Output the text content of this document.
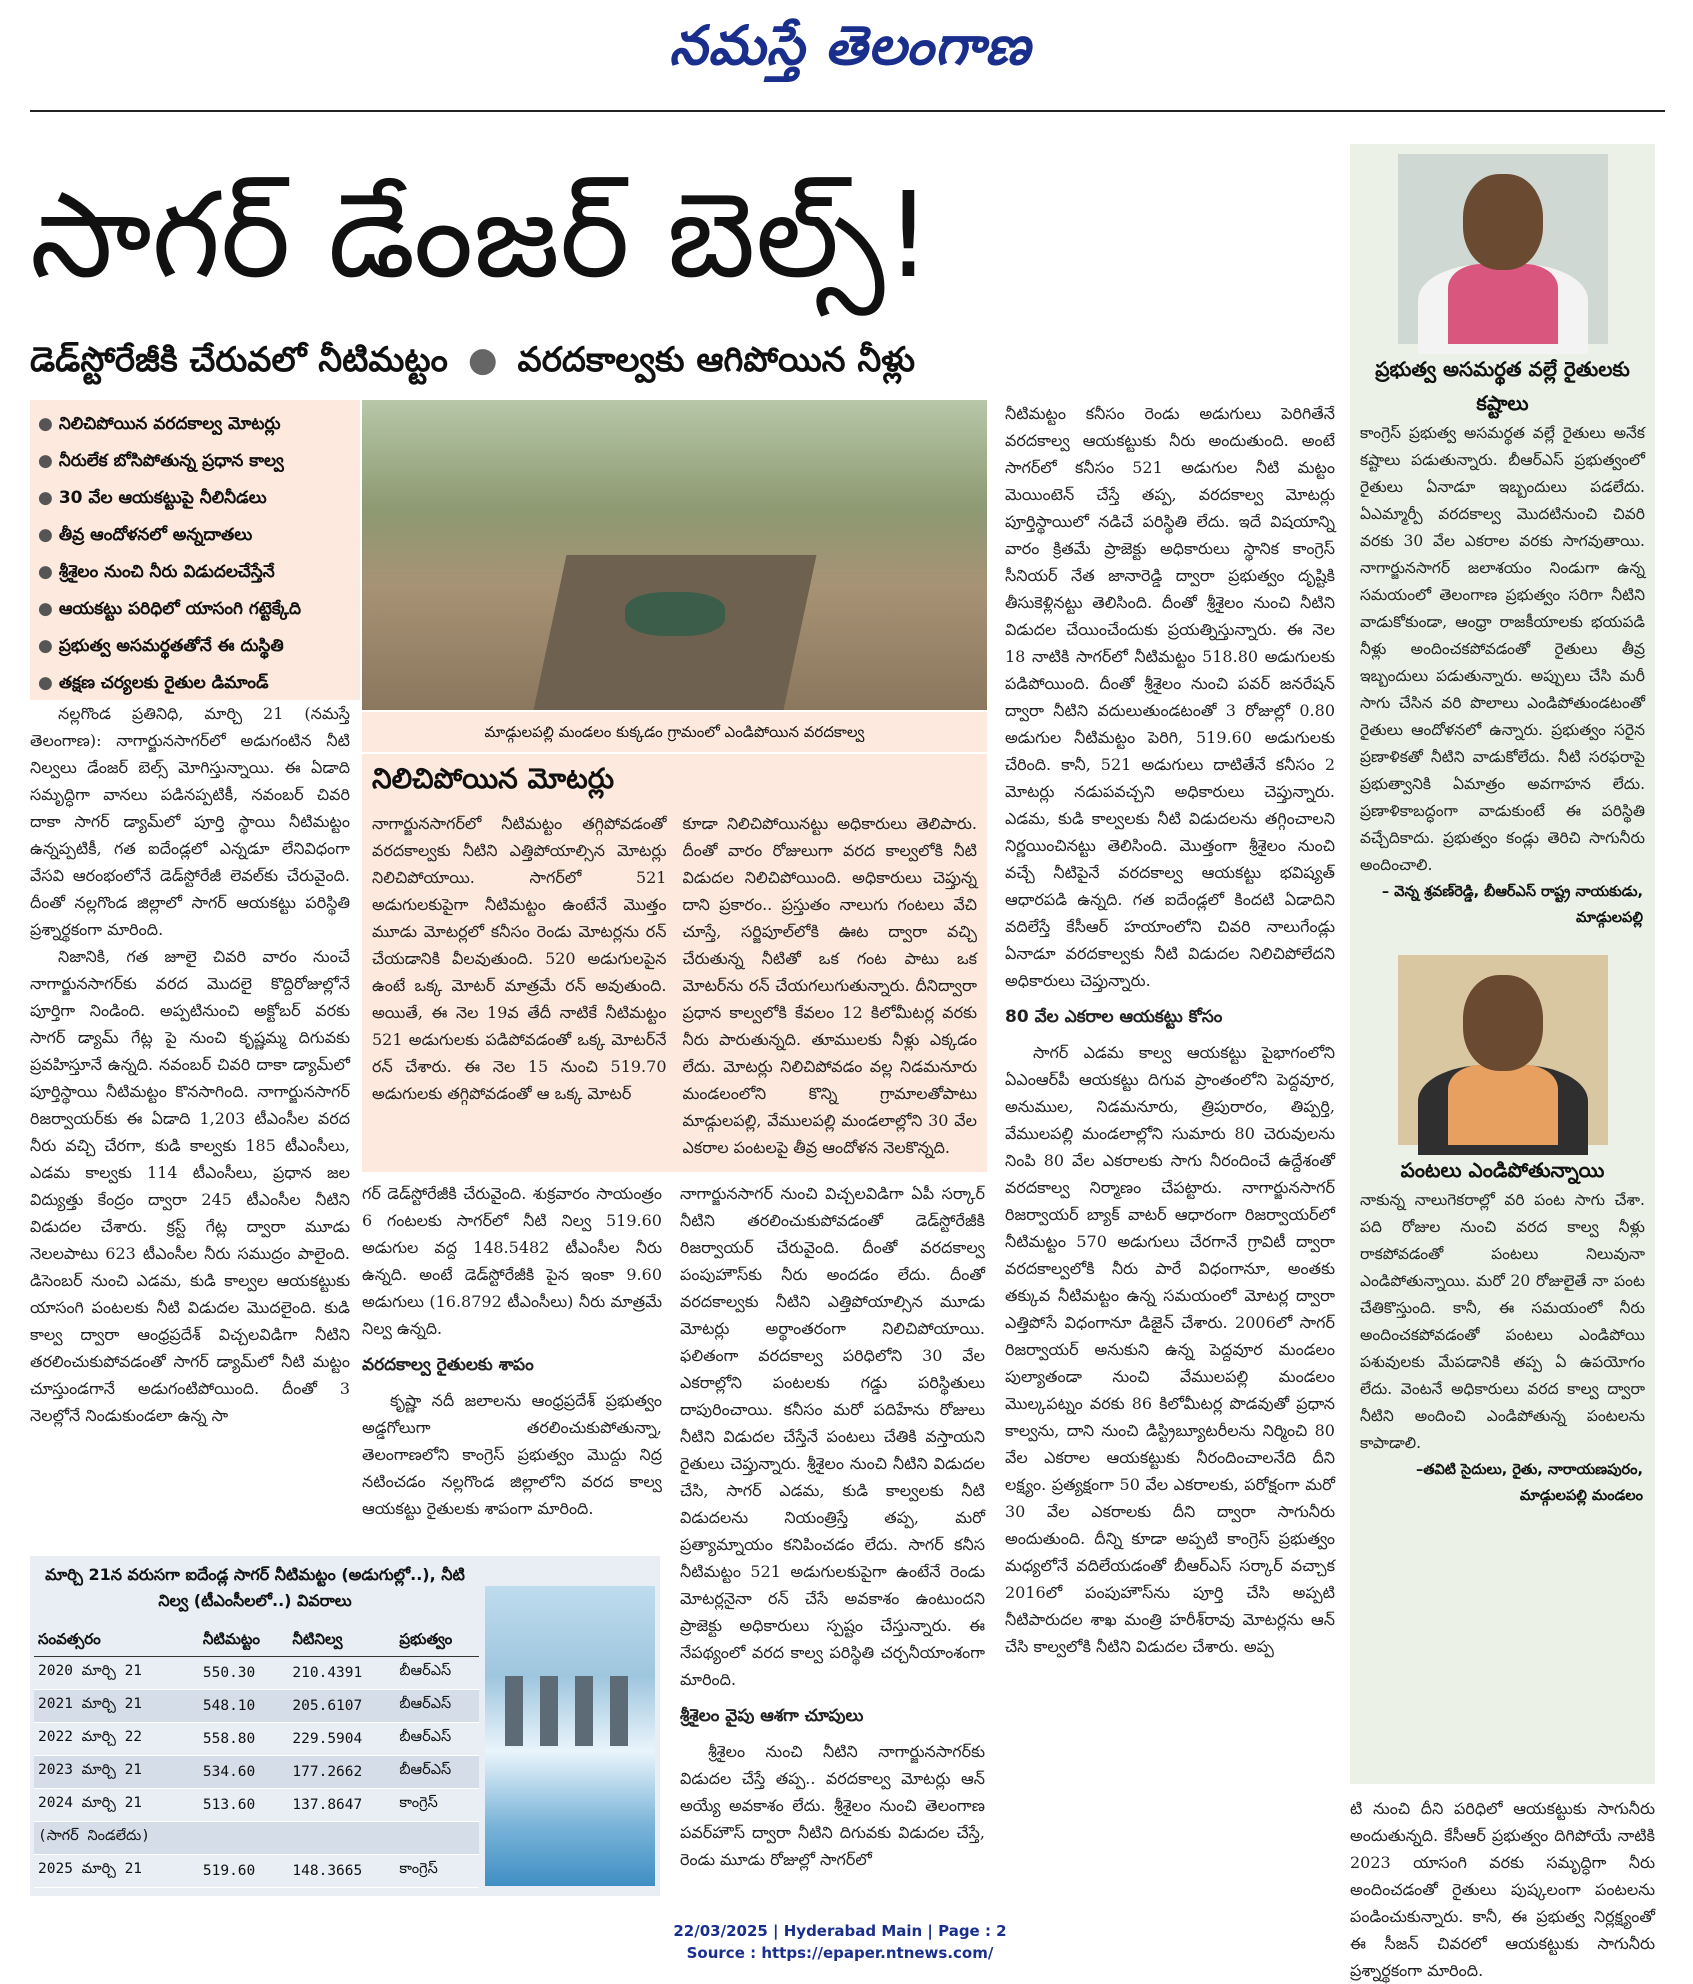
నమస్తే తెలంగాణ
సాగర్ డేంజర్ బెల్స్!
డెడ్‌స్టోరేజీకి చేరువలో నీటిమట్టం ● వరదకాల్వకు ఆగిపోయిన నీళ్లు
● నిలిచిపోయిన వరదకాల్వ మోటర్లు
● నీరులేక బోసిపోతున్న ప్రధాన కాల్వ
● 30 వేల ఆయకట్టుపై నీలినీడలు
● తీవ్ర ఆందోళనలో అన్నదాతలు
● శ్రీశైలం నుంచి నీరు విడుదలచేస్తేనే
● ఆయకట్టు పరిధిలో యాసంగి గట్టెక్కేది
● ప్రభుత్వ అసమర్థతతోనే ఈ దుస్థితి
● తక్షణ చర్యలకు రైతుల డిమాండ్
మాడ్గులపల్లి మండలం కుక్కడం గ్రామంలో ఎండిపోయిన వరదకాల్వ
నిలిచిపోయిన మోటర్లు
నాగార్జునసాగర్‌లో నీటిమట్టం తగ్గిపోవడంతో వరదకాల్వకు నీటిని ఎత్తిపోయాల్సిన మోటర్లు నిలిచిపోయాయి. సాగర్‌లో 521 అడుగులకుపైగా నీటిమట్టం ఉంటేనే మొత్తం మూడు మోటర్లలో కనీసం రెండు మోటర్లను రన్ చేయడానికి వీలవుతుంది. 520 అడుగులపైన ఉంటే ఒక్క మోటర్ మాత్రమే రన్ అవుతుంది. అయితే, ఈ నెల 19వ తేదీ నాటికే నీటిమట్టం 521 అడుగులకు పడిపోవడంతో ఒక్క మోటర్‌నే రన్ చేశారు. ఈ నెల 15 నుంచి 519.70 అడుగులకు తగ్గిపోవడంతో ఆ ఒక్క మోటర్
కూడా నిలిచిపోయినట్టు అధికారులు తెలిపారు. దీంతో వారం రోజులుగా వరద కాల్వలోకి నీటి విడుదల నిలిచిపోయింది. అధికారులు చెప్తున్న దాని ప్రకారం.. ప్రస్తుతం నాలుగు గంటలు వేచి చూస్తే, సర్జిపూల్‌లోకి ఊట ద్వారా వచ్చి చేరుతున్న నీటితో ఒక గంట పాటు ఒక మోటర్‌ను రన్ చేయగలుగుతున్నారు. దీనిద్వారా ప్రధాన కాల్వలోకి కేవలం 12 కిలోమీటర్ల వరకు నీరు పారుతున్నది. తూములకు నీళ్లు ఎక్కడం లేదు. మోటర్లు నిలిచిపోవడం వల్ల నిడమనూరు మండలంలోని కొన్ని గ్రామాలతోపాటు మాడ్గులపల్లి, వేములపల్లి మండలాల్లోని 30 వేల ఎకరాల పంటలపై తీవ్ర ఆందోళన నెలకొన్నది.

నల్లగొండ ప్రతినిధి, మార్చి 21 (నమస్తే తెలంగాణ): నాగార్జునసాగర్‌లో అడుగంటిన నీటి నిల్వలు డేంజర్ బెల్స్ మోగిస్తున్నాయి. ఈ ఏడాది సమృద్ధిగా వానలు పడినప్పటికీ, నవంబర్ చివరి దాకా సాగర్ డ్యామ్‌లో పూర్తి స్థాయి నీటిమట్టం ఉన్నప్పటికీ, గత ఐదేండ్లలో ఎన్నడూ లేనివిధంగా వేసవి ఆరంభంలోనే డెడ్‌స్టోరేజీ లెవల్‌కు చేరువైంది. దీంతో నల్లగొండ జిల్లాలో సాగర్ ఆయకట్టు పరిస్థితి ప్రశ్నార్థకంగా మారింది.

నిజానికి, గత జూలై చివరి వారం నుంచే నాగార్జునసాగర్‌కు వరద మొదలై కొద్దిరోజుల్లోనే పూర్తిగా నిండింది. అప్పటినుంచి అక్టోబర్ వరకు సాగర్ డ్యామ్ గేట్ల పై నుంచి కృష్ణమ్మ దిగువకు ప్రవహిస్తూనే ఉన్నది. నవంబర్ చివరి దాకా డ్యామ్‌లో పూర్తిస్థాయి నీటిమట్టం కొనసాగింది. నాగార్జునసాగర్ రిజర్వాయర్‌కు ఈ ఏడాది 1,203 టీఎంసీల వరద నీరు వచ్చి చేరగా, కుడి కాల్వకు 185 టీఎంసీలు, ఎడమ కాల్వకు 114 టీఎంసీలు, ప్రధాన జల విద్యుత్తు కేంద్రం ద్వారా 245 టీఎంసీల నీటిని విడుదల చేశారు. క్రస్ట్ గేట్ల ద్వారా మూడు నెలలపాటు 623 టీఎంసీల నీరు సముద్రం పాలైంది. డిసెంబర్ నుంచి ఎడమ, కుడి కాల్వల ఆయకట్టుకు యాసంగి పంటలకు నీటి విడుదల మొదలైంది. కుడి కాల్వ ద్వారా ఆంధ్రప్రదేశ్ విచ్చలవిడిగా నీటిని తరలించుకుపోవడంతో సాగర్ డ్యామ్‌లో నీటి మట్టం చూస్తుండగానే అడుగంటిపోయింది. దీంతో 3 నెలల్లోనే నిండుకుండలా ఉన్న సా

గర్ డెడ్‌స్టోరేజీకి చేరువైంది. శుక్రవారం సాయంత్రం 6 గంటలకు సాగర్‌లో నీటి నిల్వ 519.60 అడుగుల వద్ద 148.5482 టీఎంసీల నీరు ఉన్నది. అంటే డెడ్‌స్టోరేజీకి పైన ఇంకా 9.60 అడుగులు (16.8792 టీఎంసీలు) నీరు మాత్రమే నిల్వ ఉన్నది.
వరదకాల్వ రైతులకు శాపం

కృష్ణా నదీ జలాలను ఆంధ్రప్రదేశ్ ప్రభుత్వం అడ్డగోలుగా తరలించుకుపోతున్నా, తెలంగాణలోని కాంగ్రెస్ ప్రభుత్వం మొద్దు నిద్ర నటించడం నల్లగొండ జిల్లాలోని వరద కాల్వ ఆయకట్టు రైతులకు శాపంగా మారింది.

నాగార్జునసాగర్ నుంచి విచ్చలవిడిగా ఏపీ సర్కార్ నీటిని తరలించుకుపోవడంతో డెడ్‌స్టోరేజీకి రిజర్వాయర్ చేరువైంది. దీంతో వరదకాల్వ పంపుహౌస్‌కు నీరు అందడం లేదు. దీంతో వరదకాల్వకు నీటిని ఎత్తిపోయాల్సిన మూడు మోటర్లు అర్థాంతరంగా నిలిచిపోయాయి. ఫలితంగా వరదకాల్వ పరిధిలోని 30 వేల ఎకరాల్లోని పంటలకు గడ్డు పరిస్థితులు దాపురించాయి. కనీసం మరో పదిహేను రోజులు నీటిని విడుదల చేస్తేనే పంటలు చేతికి వస్తాయని రైతులు చెప్తున్నారు. శ్రీశైలం నుంచి నీటిని విడుదల చేసి, సాగర్ ఎడమ, కుడి కాల్వలకు నీటి విడుదలను నియంత్రిస్తే తప్ప, మరో ప్రత్యామ్నాయం కనిపించడం లేదు. సాగర్ కనీస నీటిమట్టం 521 అడుగులకుపైగా ఉంటేనే రెండు మోటర్లనైనా రన్ చేసే అవకాశం ఉంటుందని ప్రాజెక్టు అధికారులు స్పష్టం చేస్తున్నారు. ఈ నేపథ్యంలో వరద కాల్వ పరిస్థితి చర్చనీయాంశంగా మారింది.
శ్రీశైలం వైపు ఆశగా చూపులు

శ్రీశైలం నుంచి నీటిని నాగార్జునసాగర్‌కు విడుదల చేస్తే తప్ప.. వరదకాల్వ మోటర్లు ఆన్ అయ్యే అవకాశం లేదు. శ్రీశైలం నుంచి తెలంగాణ పవర్‌హౌస్ ద్వారా నీటిని దిగువకు విడుదల చేస్తే, రెండు మూడు రోజుల్లో సాగర్‌లో

నీటిమట్టం కనీసం రెండు అడుగులు పెరిగితేనే వరదకాల్వ ఆయకట్టుకు నీరు అందుతుంది. అంటే సాగర్‌లో కనీసం 521 అడుగుల నీటి మట్టం మెయింటెన్ చేస్తే తప్ప, వరదకాల్వ మోటర్లు పూర్తిస్థాయిలో నడిచే పరిస్థితి లేదు. ఇదే విషయాన్ని వారం క్రితమే ప్రాజెక్టు అధికారులు స్థానిక కాంగ్రెస్ సీనియర్ నేత జానారెడ్డి ద్వారా ప్రభుత్వం దృష్టికి తీసుకెళ్లినట్టు తెలిసింది. దీంతో శ్రీశైలం నుంచి నీటిని విడుదల చేయించేందుకు ప్రయత్నిస్తున్నారు. ఈ నెల 18 నాటికి సాగర్‌లో నీటిమట్టం 518.80 అడుగులకు పడిపోయింది. దీంతో శ్రీశైలం నుంచి పవర్ జనరేషన్ ద్వారా నీటిని వదులుతుండటంతో 3 రోజుల్లో 0.80 అడుగుల నీటిమట్టం పెరిగి, 519.60 అడుగులకు చేరింది. కానీ, 521 అడుగులు దాటితేనే కనీసం 2 మోటర్లు నడుపవచ్చని అధికారులు చెప్తున్నారు. ఎడమ, కుడి కాల్వలకు నీటి విడుదలను తగ్గించాలని నిర్ణయించినట్టు తెలిసింది. మొత్తంగా శ్రీశైలం నుంచి వచ్చే నీటిపైనే వరదకాల్వ ఆయకట్టు భవిష్యత్ ఆధారపడి ఉన్నది. గత ఐదేండ్లలో కిందటి ఏడాదిని వదిలేస్తే కేసీఆర్ హయాంలోని చివరి నాలుగేండ్లు ఏనాడూ వరదకాల్వకు నీటి విడుదల నిలిచిపోలేదని అధికారులు చెప్తున్నారు.
80 వేల ఎకరాల ఆయకట్టు కోసం

సాగర్ ఎడమ కాల్వ ఆయకట్టు పైభాగంలోని ఏఎంఆర్‌పీ ఆయకట్టు దిగువ ప్రాంతంలోని పెద్దవూర, అనుముల, నిడమనూరు, త్రిపురారం, తిప్పర్తి, వేములపల్లి మండలాల్లోని సుమారు 80 చెరువులను నింపి 80 వేల ఎకరాలకు సాగు నీరందించే ఉద్దేశంతో వరదకాల్వ నిర్మాణం చేపట్టారు. నాగార్జునసాగర్ రిజర్వాయర్ బ్యాక్ వాటర్ ఆధారంగా రిజర్వాయర్‌లో నీటిమట్టం 570 అడుగులు చేరగానే గ్రావిటీ ద్వారా వరదకాల్వలోకి నీరు పారే విధంగానూ, అంతకు తక్కువ నీటిమట్టం ఉన్న సమయంలో మోటర్ల ద్వారా ఎత్తిపోసే విధంగానూ డిజైన్ చేశారు. 2006లో సాగర్ రిజర్వాయర్ అనుకుని ఉన్న పెద్దవూర మండలం పుల్యాతండా నుంచి వేములపల్లి మండలం మొల్కపట్నం వరకు 86 కిలోమీటర్ల పొడవుతో ప్రధాన కాల్వను, దాని నుంచి డిస్ట్రిబ్యూటరీలను నిర్మించి 80 వేల ఎకరాల ఆయకట్టుకు నీరందించాలనేది దీని లక్ష్యం. ప్రత్యక్షంగా 50 వేల ఎకరాలకు, పరోక్షంగా మరో 30 వేల ఎకరాలకు దీని ద్వారా సాగునీరు అందుతుంది. దీన్ని కూడా అప్పటి కాంగ్రెస్ ప్రభుత్వం మధ్యలోనే వదిలేయడంతో బీఆర్‌ఎస్ సర్కార్ వచ్చాక 2016లో పంపుహౌస్‌ను పూర్తి చేసి అప్పటి నీటిపారుదల శాఖ మంత్రి హరీశ్‌రావు మోటర్లను ఆన్ చేసి కాల్వలోకి నీటిని విడుదల చేశారు. అప్ప

ప్రభుత్వ అసమర్థత వల్లే రైతులకు కష్టాలు
కాంగ్రెస్ ప్రభుత్వ అసమర్థత వల్లే రైతులు అనేక కష్టాలు పడుతున్నారు. బీఆర్‌ఎస్ ప్రభుత్వంలో రైతులు ఏనాడూ ఇబ్బందులు పడలేదు. ఏఎమ్మార్పీ వరదకాల్వ మొదటినుంచి చివరి వరకు 30 వేల ఎకరాల వరకు సాగవుతాయి. నాగార్జునసాగర్ జలాశయం నిండుగా ఉన్న సమయంలో తెలంగాణ ప్రభుత్వం సరిగా నీటిని వాడుకోకుండా, ఆంధ్రా రాజకీయాలకు భయపడి నీళ్లు అందించకపోవడంతో రైతులు తీవ్ర ఇబ్బందులు పడుతున్నారు. అప్పులు చేసి మరీ సాగు చేసిన వరి పొలాలు ఎండిపోతుండటంతో రైతులు ఆందోళనలో ఉన్నారు. ప్రభుత్వం సరైన ప్రణాళికతో నీటిని వాడుకోలేదు. నీటి సరఫరాపై ప్రభుత్వానికి ఏమాత్రం అవగాహన లేదు. ప్రణాళికాబద్ధంగా వాడుకుంటే ఈ పరిస్థితి వచ్చేదికాదు. ప్రభుత్వం కండ్లు తెరిచి సాగునీరు అందించాలి.
– వెన్న శ్రవణ్‌రెడ్డి, బీఆర్‌ఎస్ రాష్ట్ర నాయకుడు, మాడ్గులపల్లి
పంటలు ఎండిపోతున్నాయి
నాకున్న నాలుగెకరాల్లో వరి పంట సాగు చేశా. పది రోజుల నుంచి వరద కాల్వ నీళ్లు రాకపోవడంతో పంటలు నిలువునా ఎండిపోతున్నాయి. మరో 20 రోజులైతే నా పంట చేతికొస్తుంది. కానీ, ఈ సమయంలో నీరు అందించకపోవడంతో పంటలు ఎండిపోయి పశువులకు మేపడానికి తప్ప ఏ ఉపయోగం లేదు. వెంటనే అధికారులు వరద కాల్వ ద్వారా నీటిని అందించి ఎండిపోతున్న పంటలను కాపాడాలి.
–తవిటి సైదులు, రైతు, నారాయణపురం, మాడ్గులపల్లి మండలం
టి నుంచి దీని పరిధిలో ఆయకట్టుకు సాగునీరు అందుతున్నది. కేసీఆర్ ప్రభుత్వం దిగిపోయే నాటికి 2023 యాసంగి వరకు సమృద్ధిగా నీరు అందించడంతో రైతులు పుష్కలంగా పంటలను పండించుకున్నారు. కానీ, ఈ ప్రభుత్వ నిర్లక్ష్యంతో ఈ సీజన్ చివరలో ఆయకట్టుకు సాగునీరు ప్రశ్నార్థకంగా మారింది.
మార్చి 21న వరుసగా ఐదేండ్ల సాగర్ నీటిమట్టం (అడుగుల్లో..), నీటి నిల్వ (టీఎంసీలలో..) వివరాలు
సంవత్సరం	నీటిమట్టం	నీటినిల్వ	ప్రభుత్వం
2020 మార్చి 21	550.30	210.4391	బీఆర్‌ఎస్
2021 మార్చి 21	548.10	205.6107	బీఆర్‌ఎస్
2022 మార్చి 22	558.80	229.5904	బీఆర్‌ఎస్
2023 మార్చి 21	534.60	177.2662	బీఆర్‌ఎస్
2024 మార్చి 21	513.60	137.8647	కాంగ్రెస్
(సాగర్ నిండలేదు)			
2025 మార్చి 21	519.60	148.3665	కాంగ్రెస్
22/03/2025 | Hyderabad Main | Page : 2
Source : https://epaper.ntnews.com/
